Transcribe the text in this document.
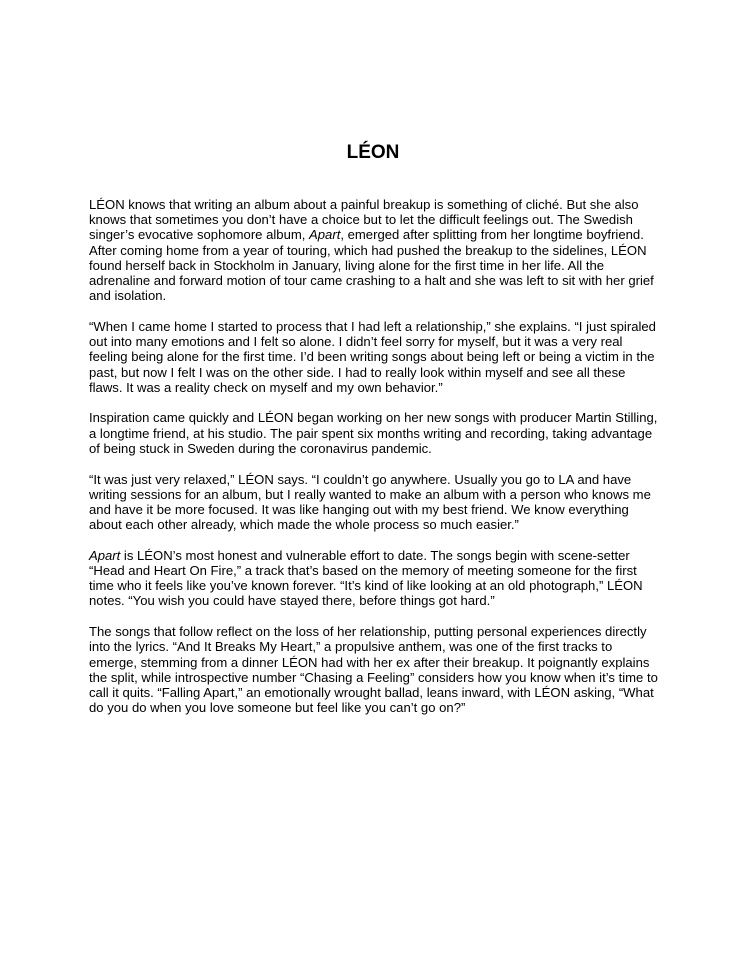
LÉON

LÉON knows that writing an album about a painful breakup is something of cliché. But she also knows that sometimes you don’t have a choice but to let the difficult feelings out. The Swedish singer’s evocative sophomore album, Apart, emerged after splitting from her longtime boyfriend. After coming home from a year of touring, which had pushed the breakup to the sidelines, LÉON found herself back in Stockholm in January, living alone for the first time in her life. All the adrenaline and forward motion of tour came crashing to a halt and she was left to sit with her grief and isolation.

“When I came home I started to process that I had left a relationship,” she explains. “I just spiraled out into many emotions and I felt so alone. I didn’t feel sorry for myself, but it was a very real feeling being alone for the first time. I’d been writing songs about being left or being a victim in the past, but now I felt I was on the other side. I had to really look within myself and see all these flaws. It was a reality check on myself and my own behavior.”

Inspiration came quickly and LÉON began working on her new songs with producer Martin Stilling, a longtime friend, at his studio. The pair spent six months writing and recording, taking advantage of being stuck in Sweden during the coronavirus pandemic.

“It was just very relaxed,” LÉON says. “I couldn’t go anywhere. Usually you go to LA and have writing sessions for an album, but I really wanted to make an album with a person who knows me and have it be more focused. It was like hanging out with my best friend. We know everything about each other already, which made the whole process so much easier.”

Apart is LÉON’s most honest and vulnerable effort to date. The songs begin with scene-setter “Head and Heart On Fire,” a track that’s based on the memory of meeting someone for the first time who it feels like you’ve known forever. “It’s kind of like looking at an old photograph,” LÉON notes. “You wish you could have stayed there, before things got hard.”

The songs that follow reflect on the loss of her relationship, putting personal experiences directly into the lyrics. “And It Breaks My Heart,” a propulsive anthem, was one of the first tracks to emerge, stemming from a dinner LÉON had with her ex after their breakup. It poignantly explains the split, while introspective number “Chasing a Feeling” considers how you know when it’s time to call it quits. “Falling Apart,” an emotionally wrought ballad, leans inward, with LÉON asking, “What do you do when you love someone but feel like you can’t go on?”
